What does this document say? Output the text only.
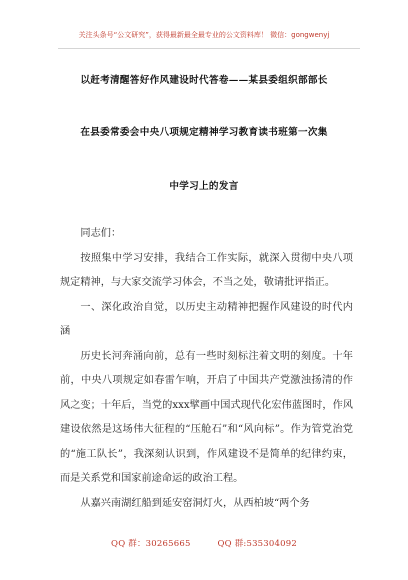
关注头条号“公文研究”，获得最新最全最专业的公文资料库！ 微信：gongwenyj
以赶考清醒答好作风建设时代答卷——某县委组织部部长
在县委常委会中央八项规定精神学习教育读书班第一次集
中学习上的发言

同志们：

按照集中学习安排，我结合工作实际，就深入贯彻中央八项规定精神，与大家交流学习体会，不当之处，敬请批评指正。

一、深化政治自觉，以历史主动精神把握作风建设的时代内涵

历史长河奔涌向前，总有一些时刻标注着文明的刻度。十年前，中央八项规定如春雷乍响，开启了中国共产党激浊扬清的作风之变；十年后，当党的xxx擘画中国式现代化宏伟蓝图时，作风建设依然是这场伟大征程的“压舱石”和“风向标”。作为管党治党的“施工队长”，我深刻认识到，作风建设不是简单的纪律约束，而是关系党和国家前途命运的政治工程。

从嘉兴南湖红船到延安窑洞灯火，从西柏坡“两个务

QQ 群：30265665	QQ 群:535304092
